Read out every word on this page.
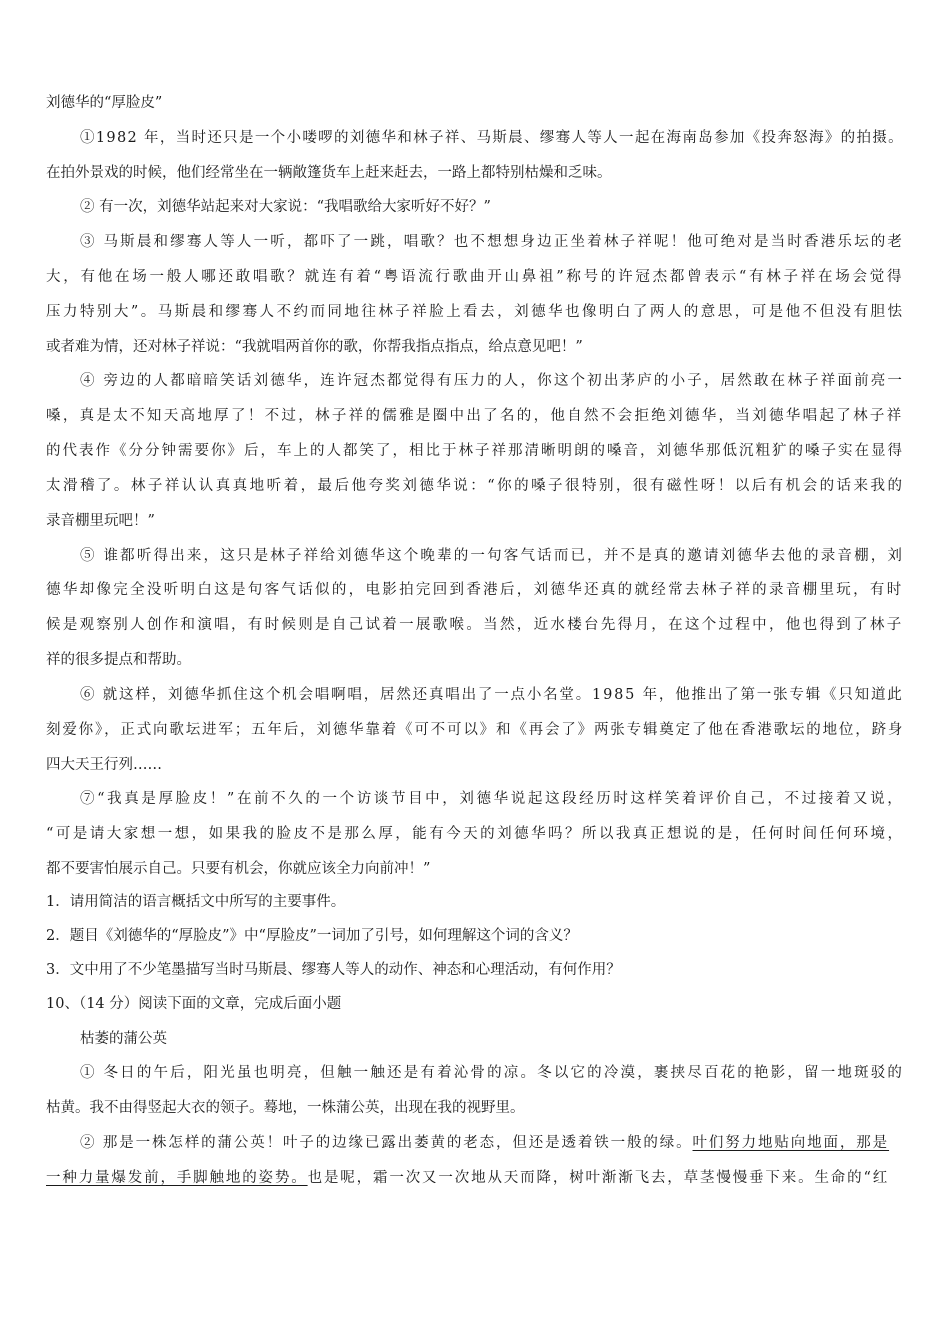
刘德华的“厚脸皮”
①1982 年，当时还只是一个小喽啰的刘德华和林子祥、马斯晨、缪骞人等人一起在海南岛参加《投奔怒海》的拍摄。
在拍外景戏的时候，他们经常坐在一辆敞篷货车上赶来赶去，一路上都特别枯燥和乏味。
② 有一次，刘德华站起来对大家说：“我唱歌给大家听好不好？”
③ 马斯晨和缪骞人等人一听，都吓了一跳，唱歌？也不想想身边正坐着林子祥呢！他可绝对是当时香港乐坛的老
大，有他在场一般人哪还敢唱歌？就连有着“粤语流行歌曲开山鼻祖”称号的许冠杰都曾表示“有林子祥在场会觉得
压力特别大”。马斯晨和缪骞人不约而同地往林子祥脸上看去，刘德华也像明白了两人的意思，可是他不但没有胆怯
或者难为情，还对林子祥说：“我就唱两首你的歌，你帮我指点指点，给点意见吧！”
④ 旁边的人都暗暗笑话刘德华，连许冠杰都觉得有压力的人，你这个初出茅庐的小子，居然敢在林子祥面前亮一
嗓，真是太不知天高地厚了！不过，林子祥的儒雅是圈中出了名的，他自然不会拒绝刘德华，当刘德华唱起了林子祥
的代表作《分分钟需要你》后，车上的人都笑了，相比于林子祥那清晰明朗的嗓音，刘德华那低沉粗犷的嗓子实在显得
太滑稽了。林子祥认认真真地听着，最后他夸奖刘德华说：“你的嗓子很特别，很有磁性呀！以后有机会的话来我的
录音棚里玩吧！”
⑤ 谁都听得出来，这只是林子祥给刘德华这个晚辈的一句客气话而已，并不是真的邀请刘德华去他的录音棚，刘
德华却像完全没听明白这是句客气话似的，电影拍完回到香港后，刘德华还真的就经常去林子祥的录音棚里玩，有时
候是观察别人创作和演唱，有时候则是自己试着一展歌喉。当然，近水楼台先得月，在这个过程中，他也得到了林子
祥的很多提点和帮助。
⑥ 就这样，刘德华抓住这个机会唱啊唱，居然还真唱出了一点小名堂。1985 年，他推出了第一张专辑《只知道此
刻爱你》，正式向歌坛进军；五年后，刘德华靠着《可不可以》和《再会了》两张专辑奠定了他在香港歌坛的地位，跻身
四大天王行列……
⑦“我真是厚脸皮！”在前不久的一个访谈节目中，刘德华说起这段经历时这样笑着评价自己，不过接着又说，
“可是请大家想一想，如果我的脸皮不是那么厚，能有今天的刘德华吗？所以我真正想说的是，任何时间任何环境，
都不要害怕展示自己。只要有机会，你就应该全力向前冲！”
1．请用简洁的语言概括文中所写的主要事件。
2．题目《刘德华的“厚脸皮”》中“厚脸皮”一词加了引号，如何理解这个词的含义？
3．文中用了不少笔墨描写当时马斯晨、缪骞人等人的动作、神态和心理活动，有何作用？
10、（14 分）阅读下面的文章，完成后面小题
枯萎的蒲公英
① 冬日的午后，阳光虽也明亮，但触一触还是有着沁骨的凉。冬以它的冷漠，裹挟尽百花的艳影，留一地斑驳的
枯黄。我不由得竖起大衣的领子。蓦地，一株蒲公英，出现在我的视野里。
② 那是一株怎样的蒲公英！叶子的边缘已露出萎黄的老态，但还是透着铁一般的绿。叶们努力地贴向地面，那是
一种力量爆发前，手脚触地的姿势。也是呢，霜一次又一次地从天而降，树叶渐渐飞去，草茎慢慢垂下来。生命的“红
